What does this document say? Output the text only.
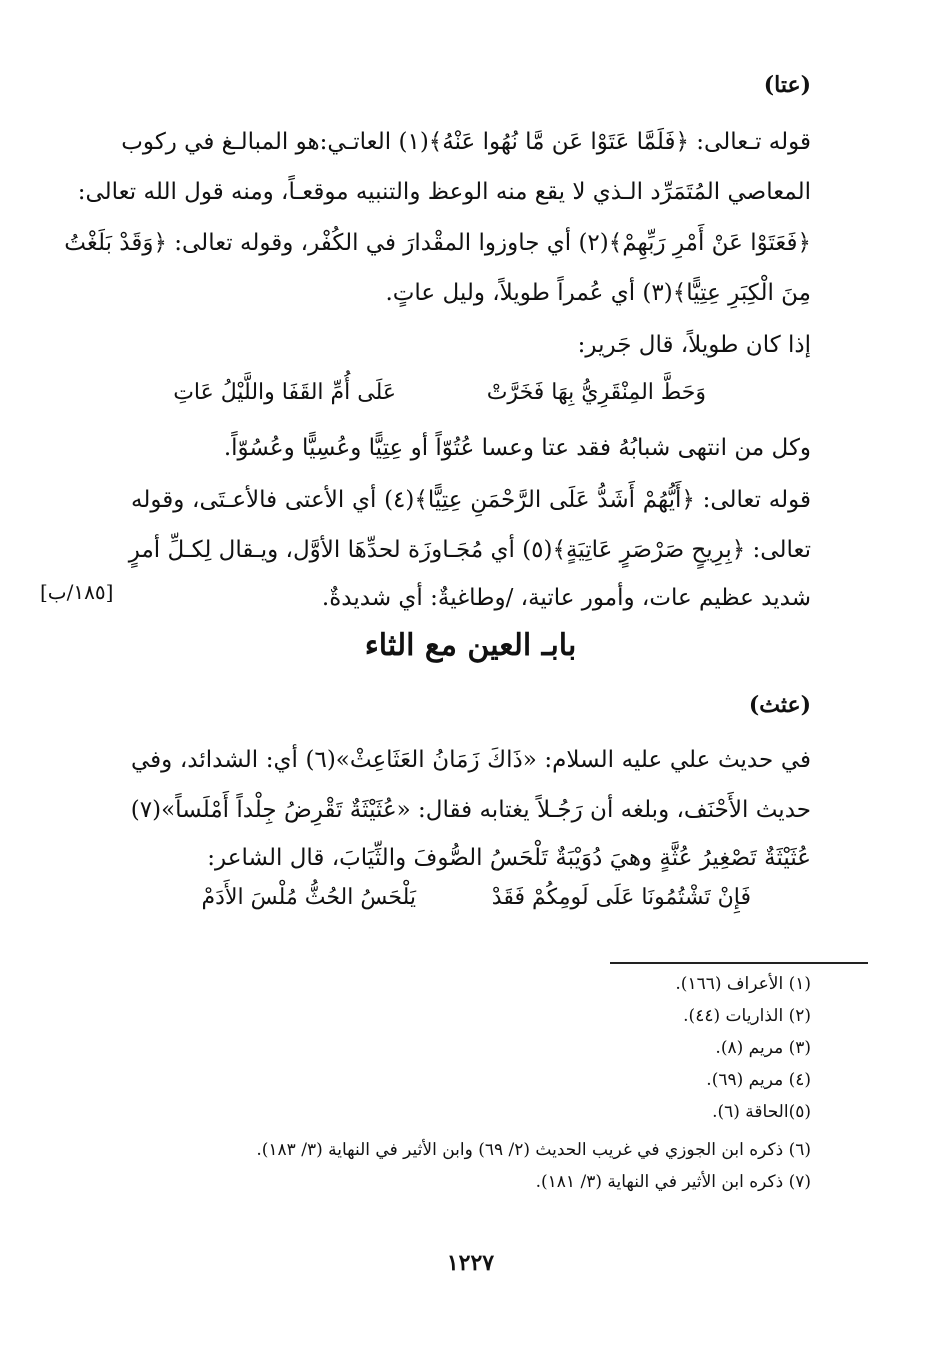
(عتا)
قوله تـعالى: ﴿فَلَمَّا عَتَوْا عَن مَّا نُهُوا عَنْهُ﴾(١) العاتـي:هو المبالـغ في ركوب
المعاصي المُتَمَرِّد الـذي لا يقع منه الوعظ والتنبيه موقعـاً، ومنه قول الله تعالى:
﴿فَعَتَوْا عَنْ أَمْرِ رَبِّهِمْ﴾(٢) أي جاوزوا المقْدارَ في الكُفْر، وقوله تعالى: ﴿وَقَدْ بَلَغْتُ
مِنَ الْكِبَرِ عِتِيًّا﴾(٣) أي عُمراً طويلاً، وليل عاتٍ.
إذا كان طويلاً، قال جَرير:
وَحَطَّ المِنْقَرِيُّ بِهَا فَخَرَّتْ
عَلَى أُمِّ القَفَا واللَّيْلُ عَاتِ
وكل من انتهى شبابُهُ فقد عتا وعسا عُتُوّاً أو عِتِيًّا وعُسِيًّا وعُسُوّاً.
قوله تعالى: ﴿أَيُّهُمْ أَشَدُّ عَلَى الرَّحْمَنِ عِتِيًّا﴾(٤) أي الأعتى فالأعـتَى، وقوله
تعالى: ﴿بِرِيحٍ صَرْصَرٍ عَاتِيَةٍ﴾(٥) أي مُجَـاوزَة لحدِّهَا الأوَّل، ويـقال لِكـلِّ أمرٍ
شديد عظيم عات، وأمور عاتية، /وطاغيةٌ: أي شديدةٌ.
[١٨٥/ب]
بابـ العين مع الثاء
(عثث)
في حديث علي عليه السلام: «ذَاكَ زَمَانُ العَثَاعِثْ»(٦) أي: الشدائد، وفي
حديث الأَحْنَف، وبلغه أن رَجُـلاً يغتابه فقال: «عُثَيْثَةٌ تَقْرِضُ جِلْداً أَمْلَساً»(٧)
عُثَيْثَةٌ تَصْغِيرُ عُثَّةٍ وهيَ دُوَيْبَةٌ تَلْحَسُ الصُّوفَ والثِّيَابَ، قال الشاعر:
فَإِنْ تَشْتُمُونَا عَلَى لَومِكُمْ فَقَدْ
يَلْحَسُ الحُثُّ مُلْسَ الأَدَمْ
(١) الأعراف (١٦٦).
(٢) الذاريات (٤٤).
(٣) مريم (٨).
(٤) مريم (٦٩).
(٥)الحاقة (٦).
(٦) ذكره ابن الجوزي في غريب الحديث (٢/ ٦٩) وابن الأثير في النهاية (٣/ ١٨٣).
(٧) ذكره ابن الأثير في النهاية (٣/ ١٨١).
١٢٢٧
